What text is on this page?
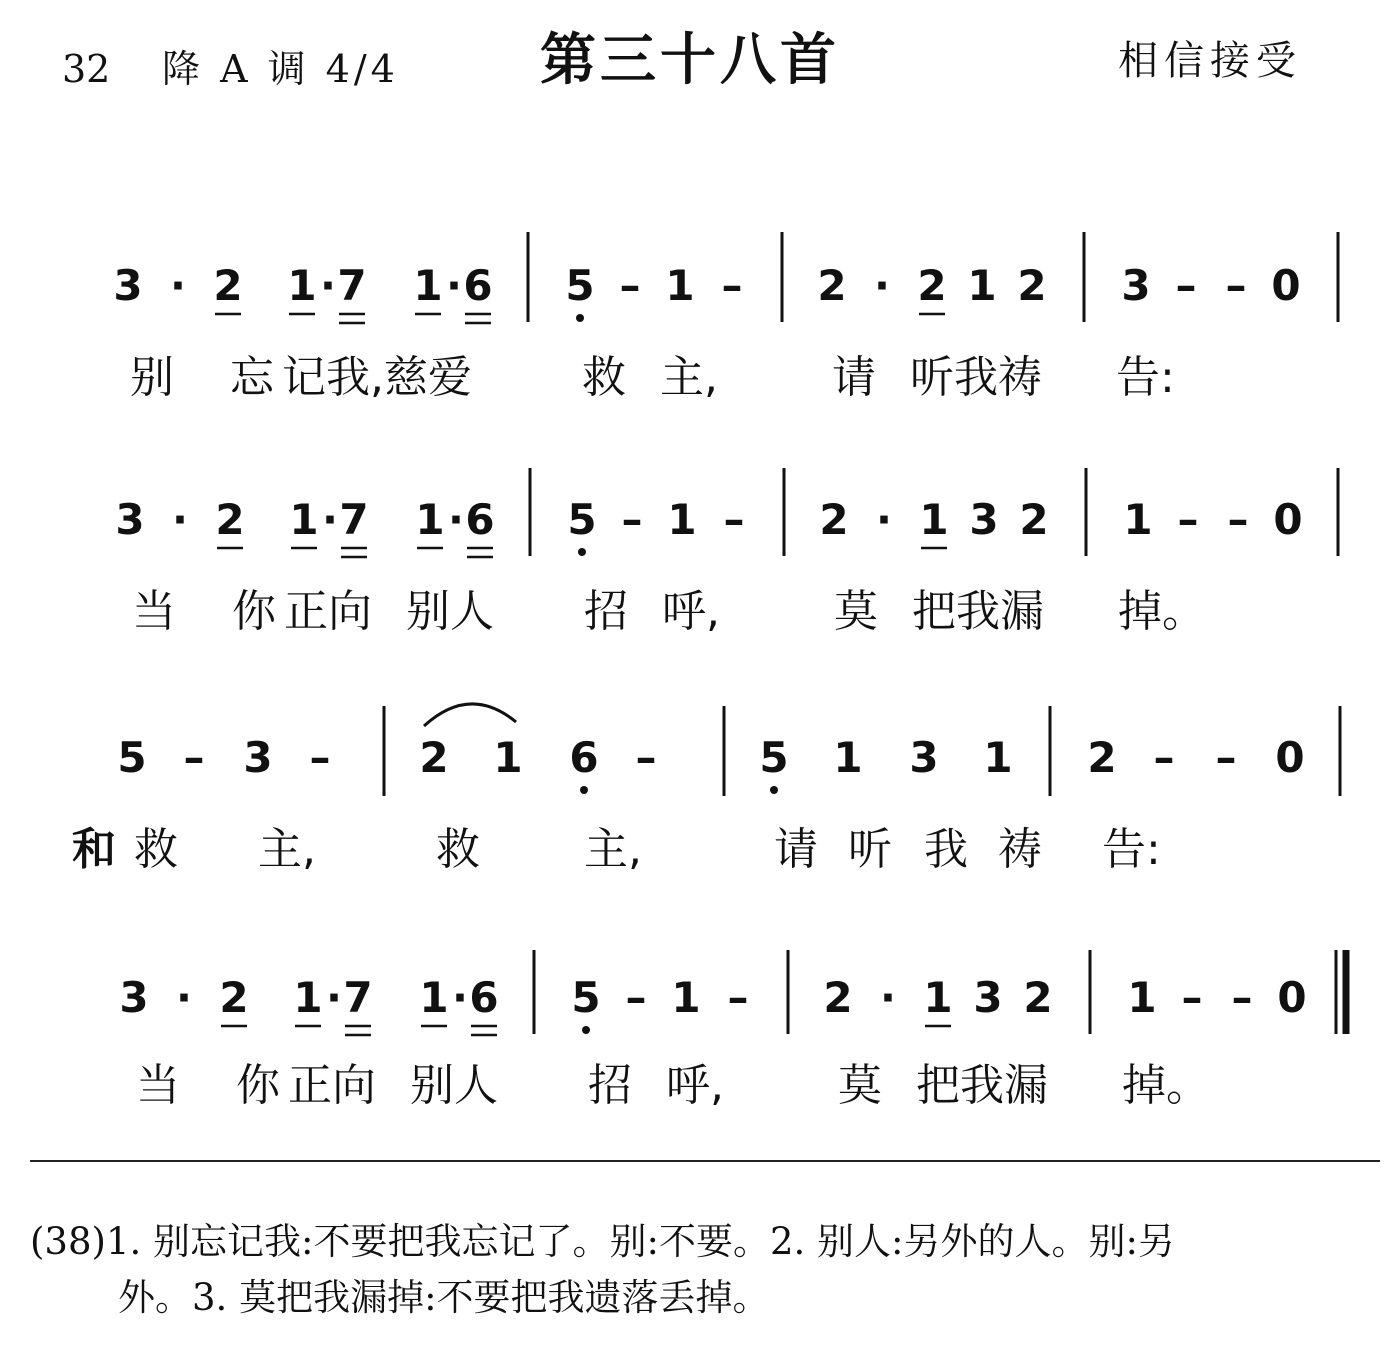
32 降 A 调 4/4	第三十八首	相信接受
3 · 2 1 · 7 1 · 6 5 – 1 – 2 · 2 1 2 3 – – 0
别 忘 记我,慈爱	救 主,	请 听我祷 告:
3 · 2 1 · 7 1 · 6 5 – 1 – 2 · 1 3 2 1 – – 0
当 你 正向 别人 招 呼,	莫 把我漏 掉。
5 – 3 – 2 1 6 – 5 1 3 1 2 – – 0
和 救 主,	救 主,	请 听 我 祷 告:
3 · 2 1 · 7 1 · 6 5 – 1 – 2 · 1 3 2 1 – – 0
当 你 正向 别人 招 呼,	莫 把我漏 掉。
(38)1. 别忘记我:不要把我忘记了。别:不要。2. 别人:另外的人。别:另
外。3. 莫把我漏掉:不要把我遗落丢掉。
